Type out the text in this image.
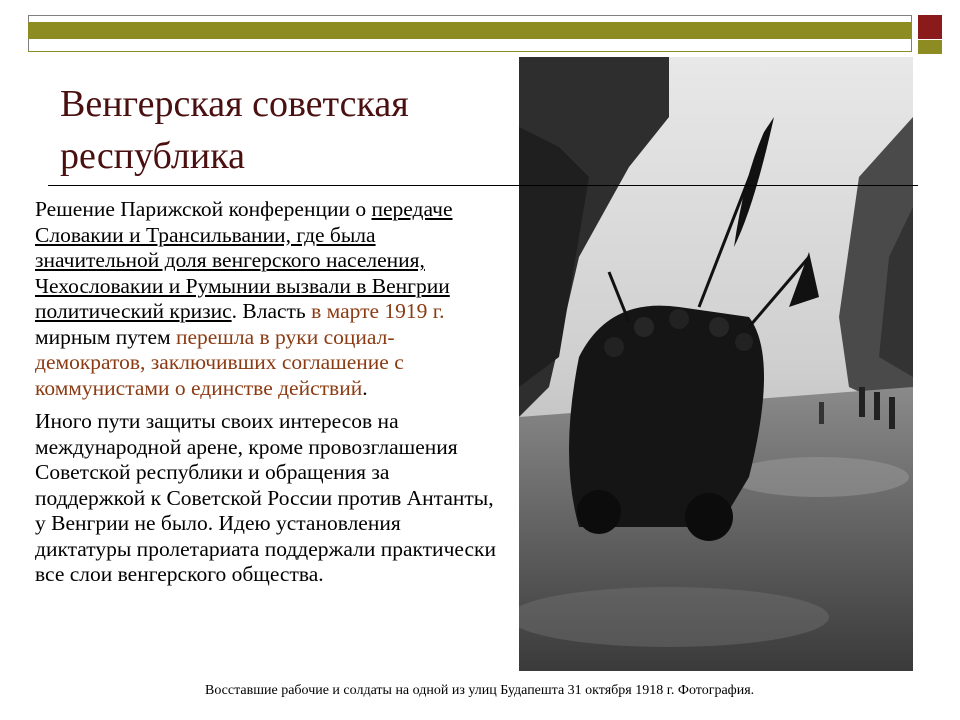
Венгерская советская
республика

Решение Парижской конференции о передаче Словакии и Трансильвании, где была значительной доля венгерского населения, Чехословакии и Румынии вызвали в Венгрии политический кризис. Власть в марте 1919 г. мирным путем перешла в руки социал-демократов, заключивших соглашение с коммунистами о единстве действий.

Иного пути защиты своих интересов на международной арене, кроме провозглашения Советской республики и обращения за поддержкой к Советской России против Антанты, у Венгрии не было. Идею установления диктатуры пролетариата поддержали практически все слои венгерского общества.

Восставшие рабочие и солдаты на одной из улиц Будапешта 31 октября 1918 г. Фотография.
